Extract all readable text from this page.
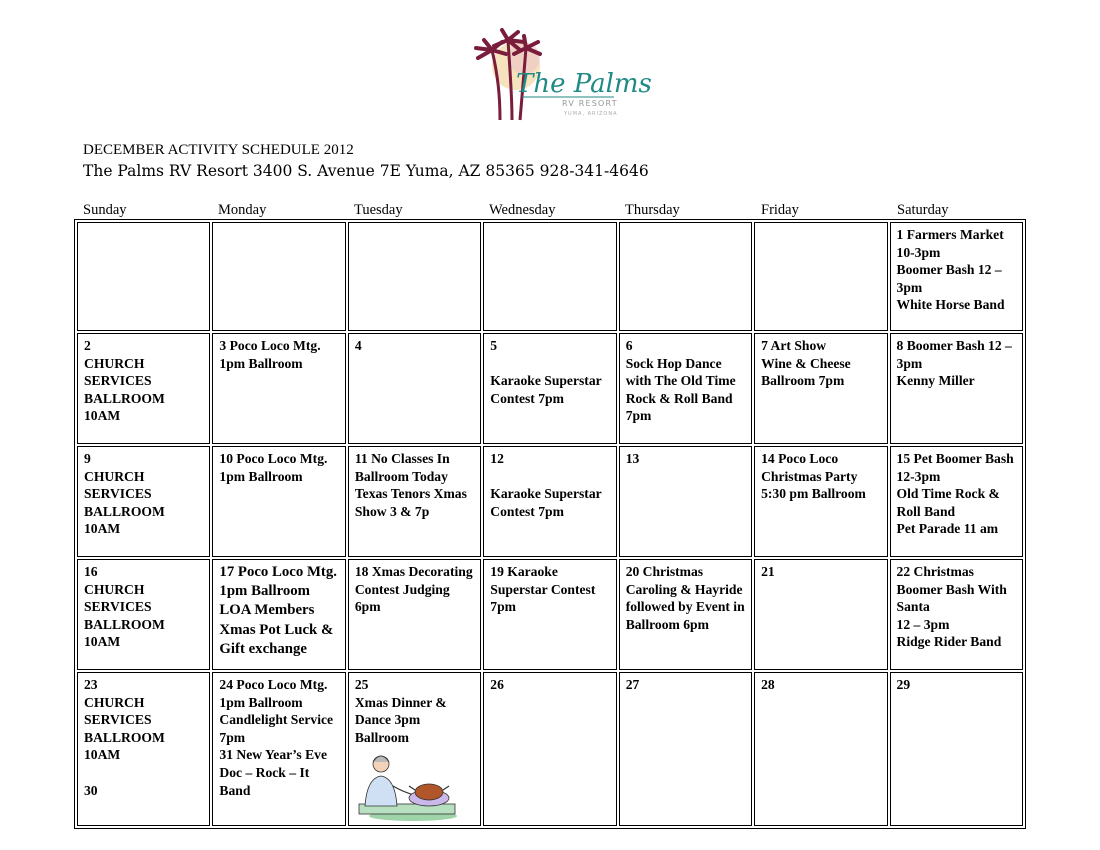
The Palms
RV RESORT
YUMA, ARIZONA
DECEMBER ACTIVITY SCHEDULE 2012
The Palms RV Resort 3400 S. Avenue 7E Yuma, AZ 85365 928-341-4646
Sunday	Monday	Tuesday	Wednesday	Thursday	Friday	Saturday

						1 Farmers Market 10-3pm
Boomer Bash 12 – 3pm
White Horse Band

2
CHURCH SERVICES BALLROOM 10AM	3 Poco Loco Mtg. 1pm Ballroom	4	5

Karaoke Superstar Contest 7pm	6
Sock Hop Dance with The Old Time Rock & Roll Band 7pm	7 Art Show
Wine & Cheese Ballroom 7pm	8 Boomer Bash 12 – 3pm
Kenny Miller

9
CHURCH SERVICES BALLROOM 10AM	10 Poco Loco Mtg. 1pm Ballroom	11 No Classes In Ballroom Today
Texas Tenors Xmas Show 3 & 7p	12

Karaoke Superstar Contest 7pm	13	14 Poco Loco Christmas Party 5:30 pm Ballroom	15 Pet Boomer Bash 12-3pm
Old Time Rock & Roll Band
Pet Parade 11 am

16
CHURCH SERVICES BALLROOM 10AM	17 Poco Loco Mtg. 1pm Ballroom
LOA Members Xmas Pot Luck & Gift exchange	18 Xmas Decorating Contest Judging 6pm	19 Karaoke Superstar Contest 7pm	20 Christmas Caroling & Hayride followed by Event in Ballroom 6pm	21	22 Christmas
Boomer Bash With Santa
12 – 3pm
Ridge Rider Band

23
CHURCH SERVICES BALLROOM 10AM

30	24 Poco Loco Mtg. 1pm Ballroom
Candlelight Service 7pm
31 New Year’s Eve Doc – Rock – It Band	25
Xmas Dinner & Dance 3pm Ballroom	26	27	28	29
